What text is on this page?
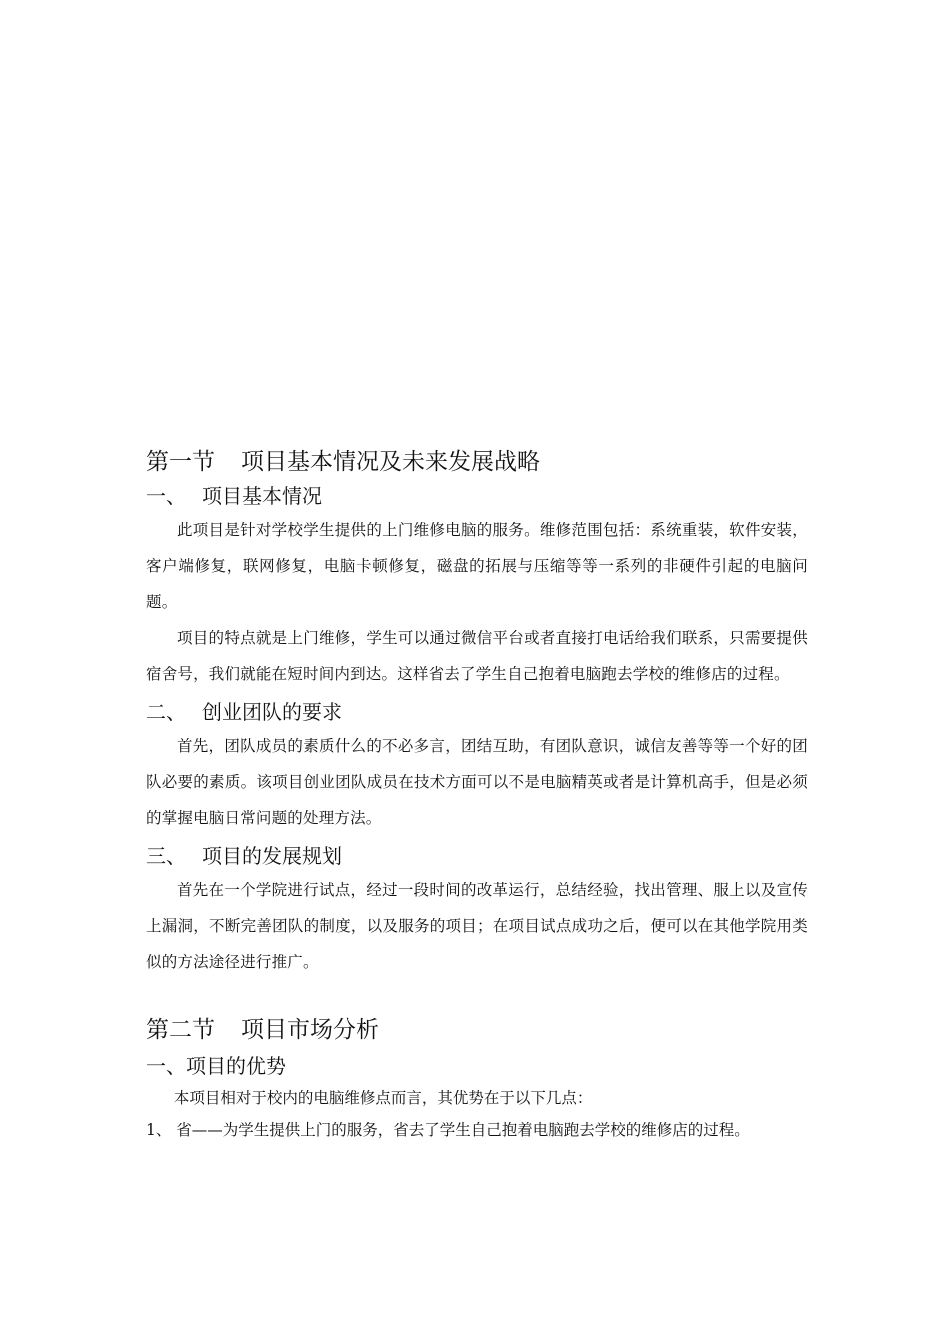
第一节 项目基本情况及未来发展战略
一、 项目基本情况

此项目是针对学校学生提供的上门维修电脑的服务。维修范围包括：系统重装，软件安装，客户端修复，联网修复，电脑卡顿修复，磁盘的拓展与压缩等等一系列的非硬件引起的电脑问题。

项目的特点就是上门维修，学生可以通过微信平台或者直接打电话给我们联系，只需要提供宿舍号，我们就能在短时间内到达。这样省去了学生自己抱着电脑跑去学校的维修店的过程。

二、 创业团队的要求

首先，团队成员的素质什么的不必多言，团结互助，有团队意识，诚信友善等等一个好的团队必要的素质。该项目创业团队成员在技术方面可以不是电脑精英或者是计算机高手，但是必须的掌握电脑日常问题的处理方法。

三、 项目的发展规划

首先在一个学院进行试点，经过一段时间的改革运行，总结经验，找出管理、服上以及宣传上漏洞，不断完善团队的制度，以及服务的项目；在项目试点成功之后，便可以在其他学院用类似的方法途径进行推广。

第二节 项目市场分析
一、项目的优势

本项目相对于校内的电脑维修点而言，其优势在于以下几点：

1、 省——为学生提供上门的服务，省去了学生自己抱着电脑跑去学校的维修店的过程。
